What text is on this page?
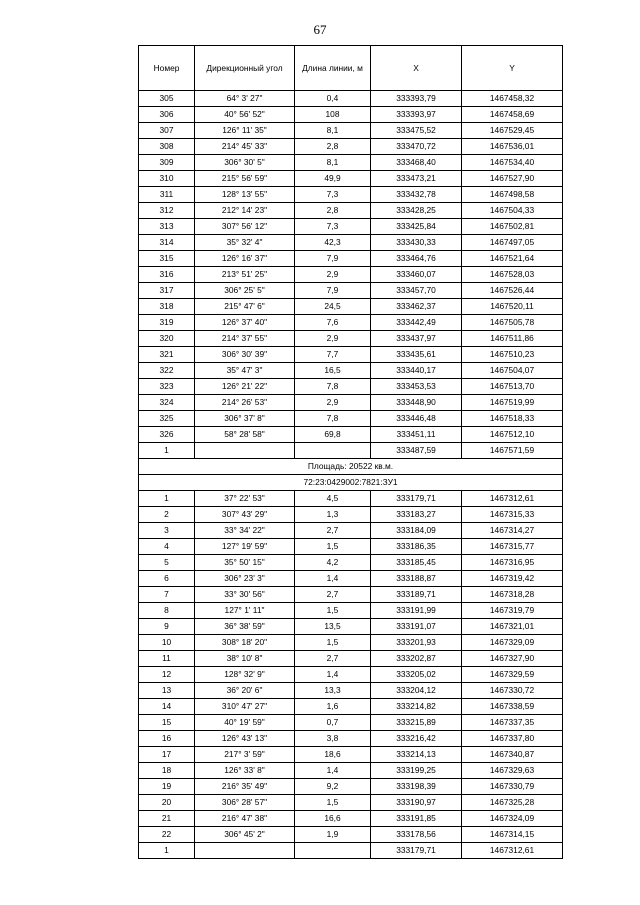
67
Номер	Дирекционный угол	Длина линии, м	X	Y
305	64° 3' 27"	0,4	333393,79	1467458,32
306	40° 56' 52"	108	333393,97	1467458,69
307	126° 11' 35"	8,1	333475,52	1467529,45
308	214° 45' 33"	2,8	333470,72	1467536,01
309	306° 30' 5"	8,1	333468,40	1467534,40
310	215° 56' 59"	49,9	333473,21	1467527,90
311	128° 13' 55"	7,3	333432,78	1467498,58
312	212° 14' 23"	2,8	333428,25	1467504,33
313	307° 56' 12"	7,3	333425,84	1467502,81
314	35° 32' 4"	42,3	333430,33	1467497,05
315	126° 16' 37"	7,9	333464,76	1467521,64
316	213° 51' 25"	2,9	333460,07	1467528,03
317	306° 25' 5"	7,9	333457,70	1467526,44
318	215° 47' 6"	24,5	333462,37	1467520,11
319	126° 37' 40"	7,6	333442,49	1467505,78
320	214° 37' 55"	2,9	333437,97	1467511,86
321	306° 30' 39"	7,7	333435,61	1467510,23
322	35° 47' 3"	16,5	333440,17	1467504,07
323	126° 21' 22"	7,8	333453,53	1467513,70
324	214° 26' 53"	2,9	333448,90	1467519,99
325	306° 37' 8"	7,8	333446,48	1467518,33
326	58° 28' 58"	69,8	333451,11	1467512,10
1			333487,59	1467571,59
Площадь: 20522 кв.м.				
72:23:0429002:7821:ЗУ1				
1	37° 22' 53"	4,5	333179,71	1467312,61
2	307° 43' 29"	1,3	333183,27	1467315,33
3	33° 34' 22"	2,7	333184,09	1467314,27
4	127° 19' 59"	1,5	333186,35	1467315,77
5	35° 50' 15"	4,2	333185,45	1467316,95
6	306° 23' 3"	1,4	333188,87	1467319,42
7	33° 30' 56"	2,7	333189,71	1467318,28
8	127° 1' 11"	1,5	333191,99	1467319,79
9	36° 38' 59"	13,5	333191,07	1467321,01
10	308° 18' 20"	1,5	333201,93	1467329,09
11	38° 10' 8"	2,7	333202,87	1467327,90
12	128° 32' 9"	1,4	333205,02	1467329,59
13	36° 20' 6"	13,3	333204,12	1467330,72
14	310° 47' 27"	1,6	333214,82	1467338,59
15	40° 19' 59"	0,7	333215,89	1467337,35
16	126° 43' 13"	3,8	333216,42	1467337,80
17	217° 3' 59"	18,6	333214,13	1467340,87
18	126° 33' 8"	1,4	333199,25	1467329,63
19	216° 35' 49"	9,2	333198,39	1467330,79
20	306° 28' 57"	1,5	333190,97	1467325,28
21	216° 47' 38"	16,6	333191,85	1467324,09
22	306° 45' 2"	1,9	333178,56	1467314,15
1			333179,71	1467312,61
